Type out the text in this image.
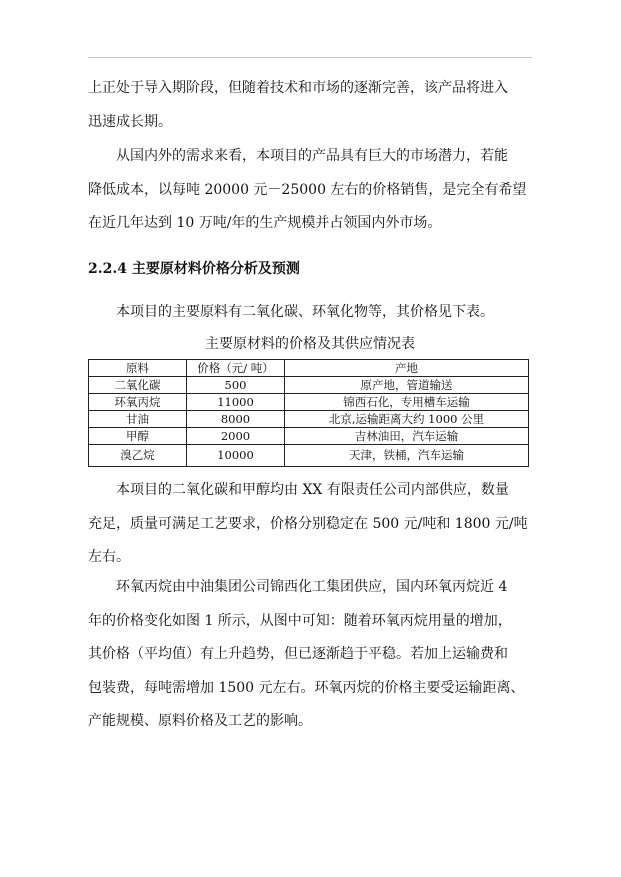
上正处于导入期阶段，但随着技术和市场的逐渐完善，该产品将进入
迅速成长期。

　　从国内外的需求来看，本项目的产品具有巨大的市场潜力，若能
降低成本，以每吨 20000 元－25000 左右的价格销售，是完全有希望
在近几年达到 10 万吨/年的生产规模并占领国内外市场。

2.2.4 主要原材料价格分析及预测

　　本项目的主要原料有二氧化碳、环氧化物等，其价格见下表。

主要原材料的价格及其供应情况表

原料	价格（元/ 吨）	产地
二氧化碳	500	原产地，管道输送
环氧丙烷	11000	锦西石化，专用槽车运输
甘油	8000	北京,运输距离大约 1000 公里
甲醇	2000	吉林油田，汽车运输
溴乙烷	10000	天津，铁桶，汽车运输

　　本项目的二氧化碳和甲醇均由 XX 有限责任公司内部供应，数量
充足，质量可满足工艺要求，价格分别稳定在 500 元/吨和 1800 元/吨
左右。

　　环氧丙烷由中油集团公司锦西化工集团供应，国内环氧丙烷近 4
年的价格变化如图 1 所示，从图中可知：随着环氧丙烷用量的增加，
其价格（平均值）有上升趋势，但已逐渐趋于平稳。若加上运输费和
包装费，每吨需增加 1500 元左右。环氧丙烷的价格主要受运输距离、
产能规模、原料价格及工艺的影响。
